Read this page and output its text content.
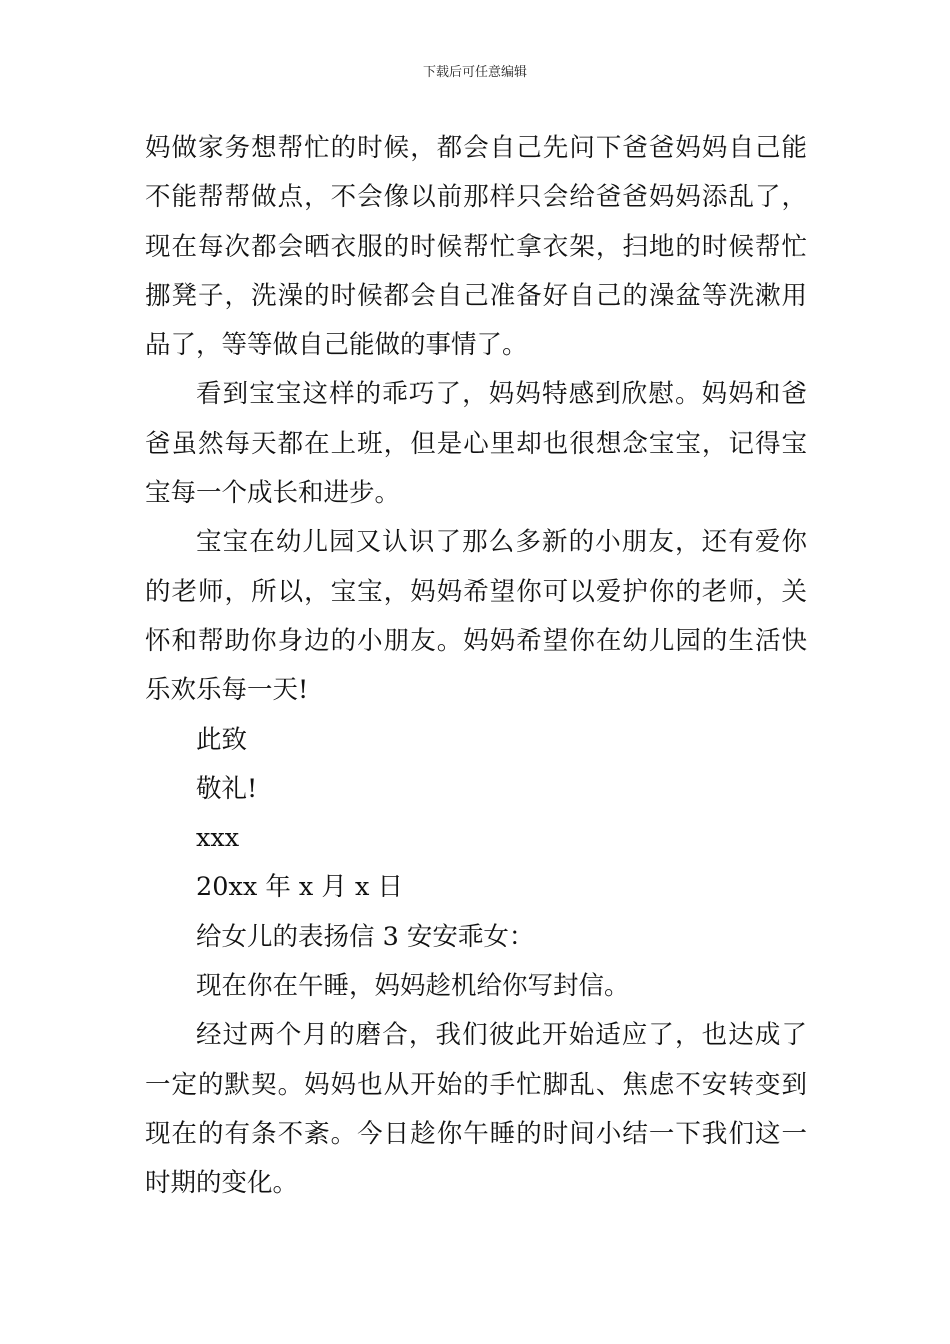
下载后可任意编辑

妈做家务想帮忙的时候，都会自己先问下爸爸妈妈自己能不能帮帮做点，不会像以前那样只会给爸爸妈妈添乱了，现在每次都会晒衣服的时候帮忙拿衣架，扫地的时候帮忙挪凳子，洗澡的时候都会自己准备好自己的澡盆等洗漱用品了，等等做自己能做的事情了。

看到宝宝这样的乖巧了，妈妈特感到欣慰。妈妈和爸爸虽然每天都在上班，但是心里却也很想念宝宝，记得宝宝每一个成长和进步。

宝宝在幼儿园又认识了那么多新的小朋友，还有爱你的老师，所以，宝宝，妈妈希望你可以爱护你的老师，关怀和帮助你身边的小朋友。妈妈希望你在幼儿园的生活快乐欢乐每一天!

此致

敬礼!

xxx

20xx 年 x 月 x 日

给女儿的表扬信 3 安安乖女：

现在你在午睡，妈妈趁机给你写封信。

经过两个月的磨合，我们彼此开始适应了，也达成了一定的默契。妈妈也从开始的手忙脚乱、焦虑不安转变到现在的有条不紊。今日趁你午睡的时间小结一下我们这一时期的变化。
